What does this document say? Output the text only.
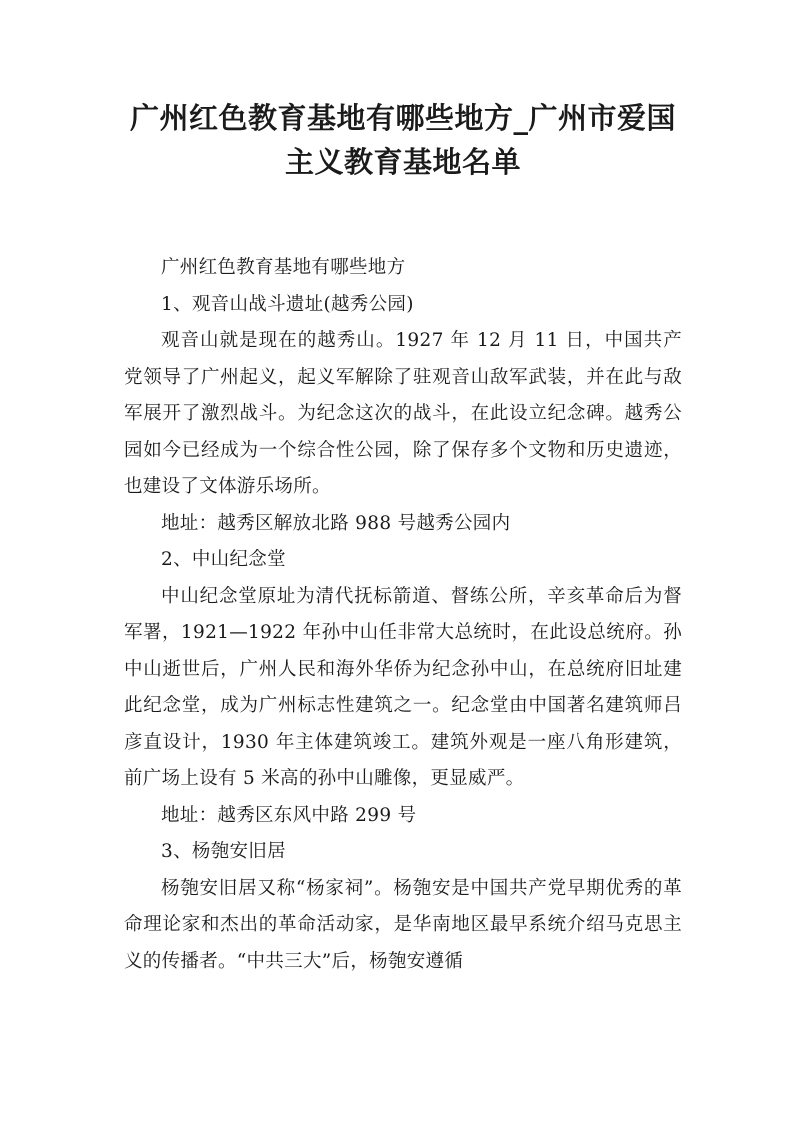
广州红色教育基地有哪些地方_广州市爱国主义教育基地名单

广州红色教育基地有哪些地方

1、观音山战斗遗址(越秀公园)

观音山就是现在的越秀山。1927 年 12 月 11 日，中国共产党领导了广州起义，起义军解除了驻观音山敌军武装，并在此与敌军展开了激烈战斗。为纪念这次的战斗，在此设立纪念碑。越秀公园如今已经成为一个综合性公园，除了保存多个文物和历史遗迹，也建设了文体游乐场所。

地址：越秀区解放北路 988 号越秀公园内

2、中山纪念堂

中山纪念堂原址为清代抚标箭道、督练公所，辛亥革命后为督军署，1921—1922 年孙中山任非常大总统时，在此设总统府。孙中山逝世后，广州人民和海外华侨为纪念孙中山，在总统府旧址建此纪念堂，成为广州标志性建筑之一。纪念堂由中国著名建筑师吕彦直设计，1930 年主体建筑竣工。建筑外观是一座八角形建筑，前广场上设有 5 米高的孙中山雕像，更显威严。

地址：越秀区东风中路 299 号

3、杨匏安旧居

杨匏安旧居又称“杨家祠”。杨匏安是中国共产党早期优秀的革命理论家和杰出的革命活动家，是华南地区最早系统介绍马克思主义的传播者。“中共三大”后，杨匏安遵循
